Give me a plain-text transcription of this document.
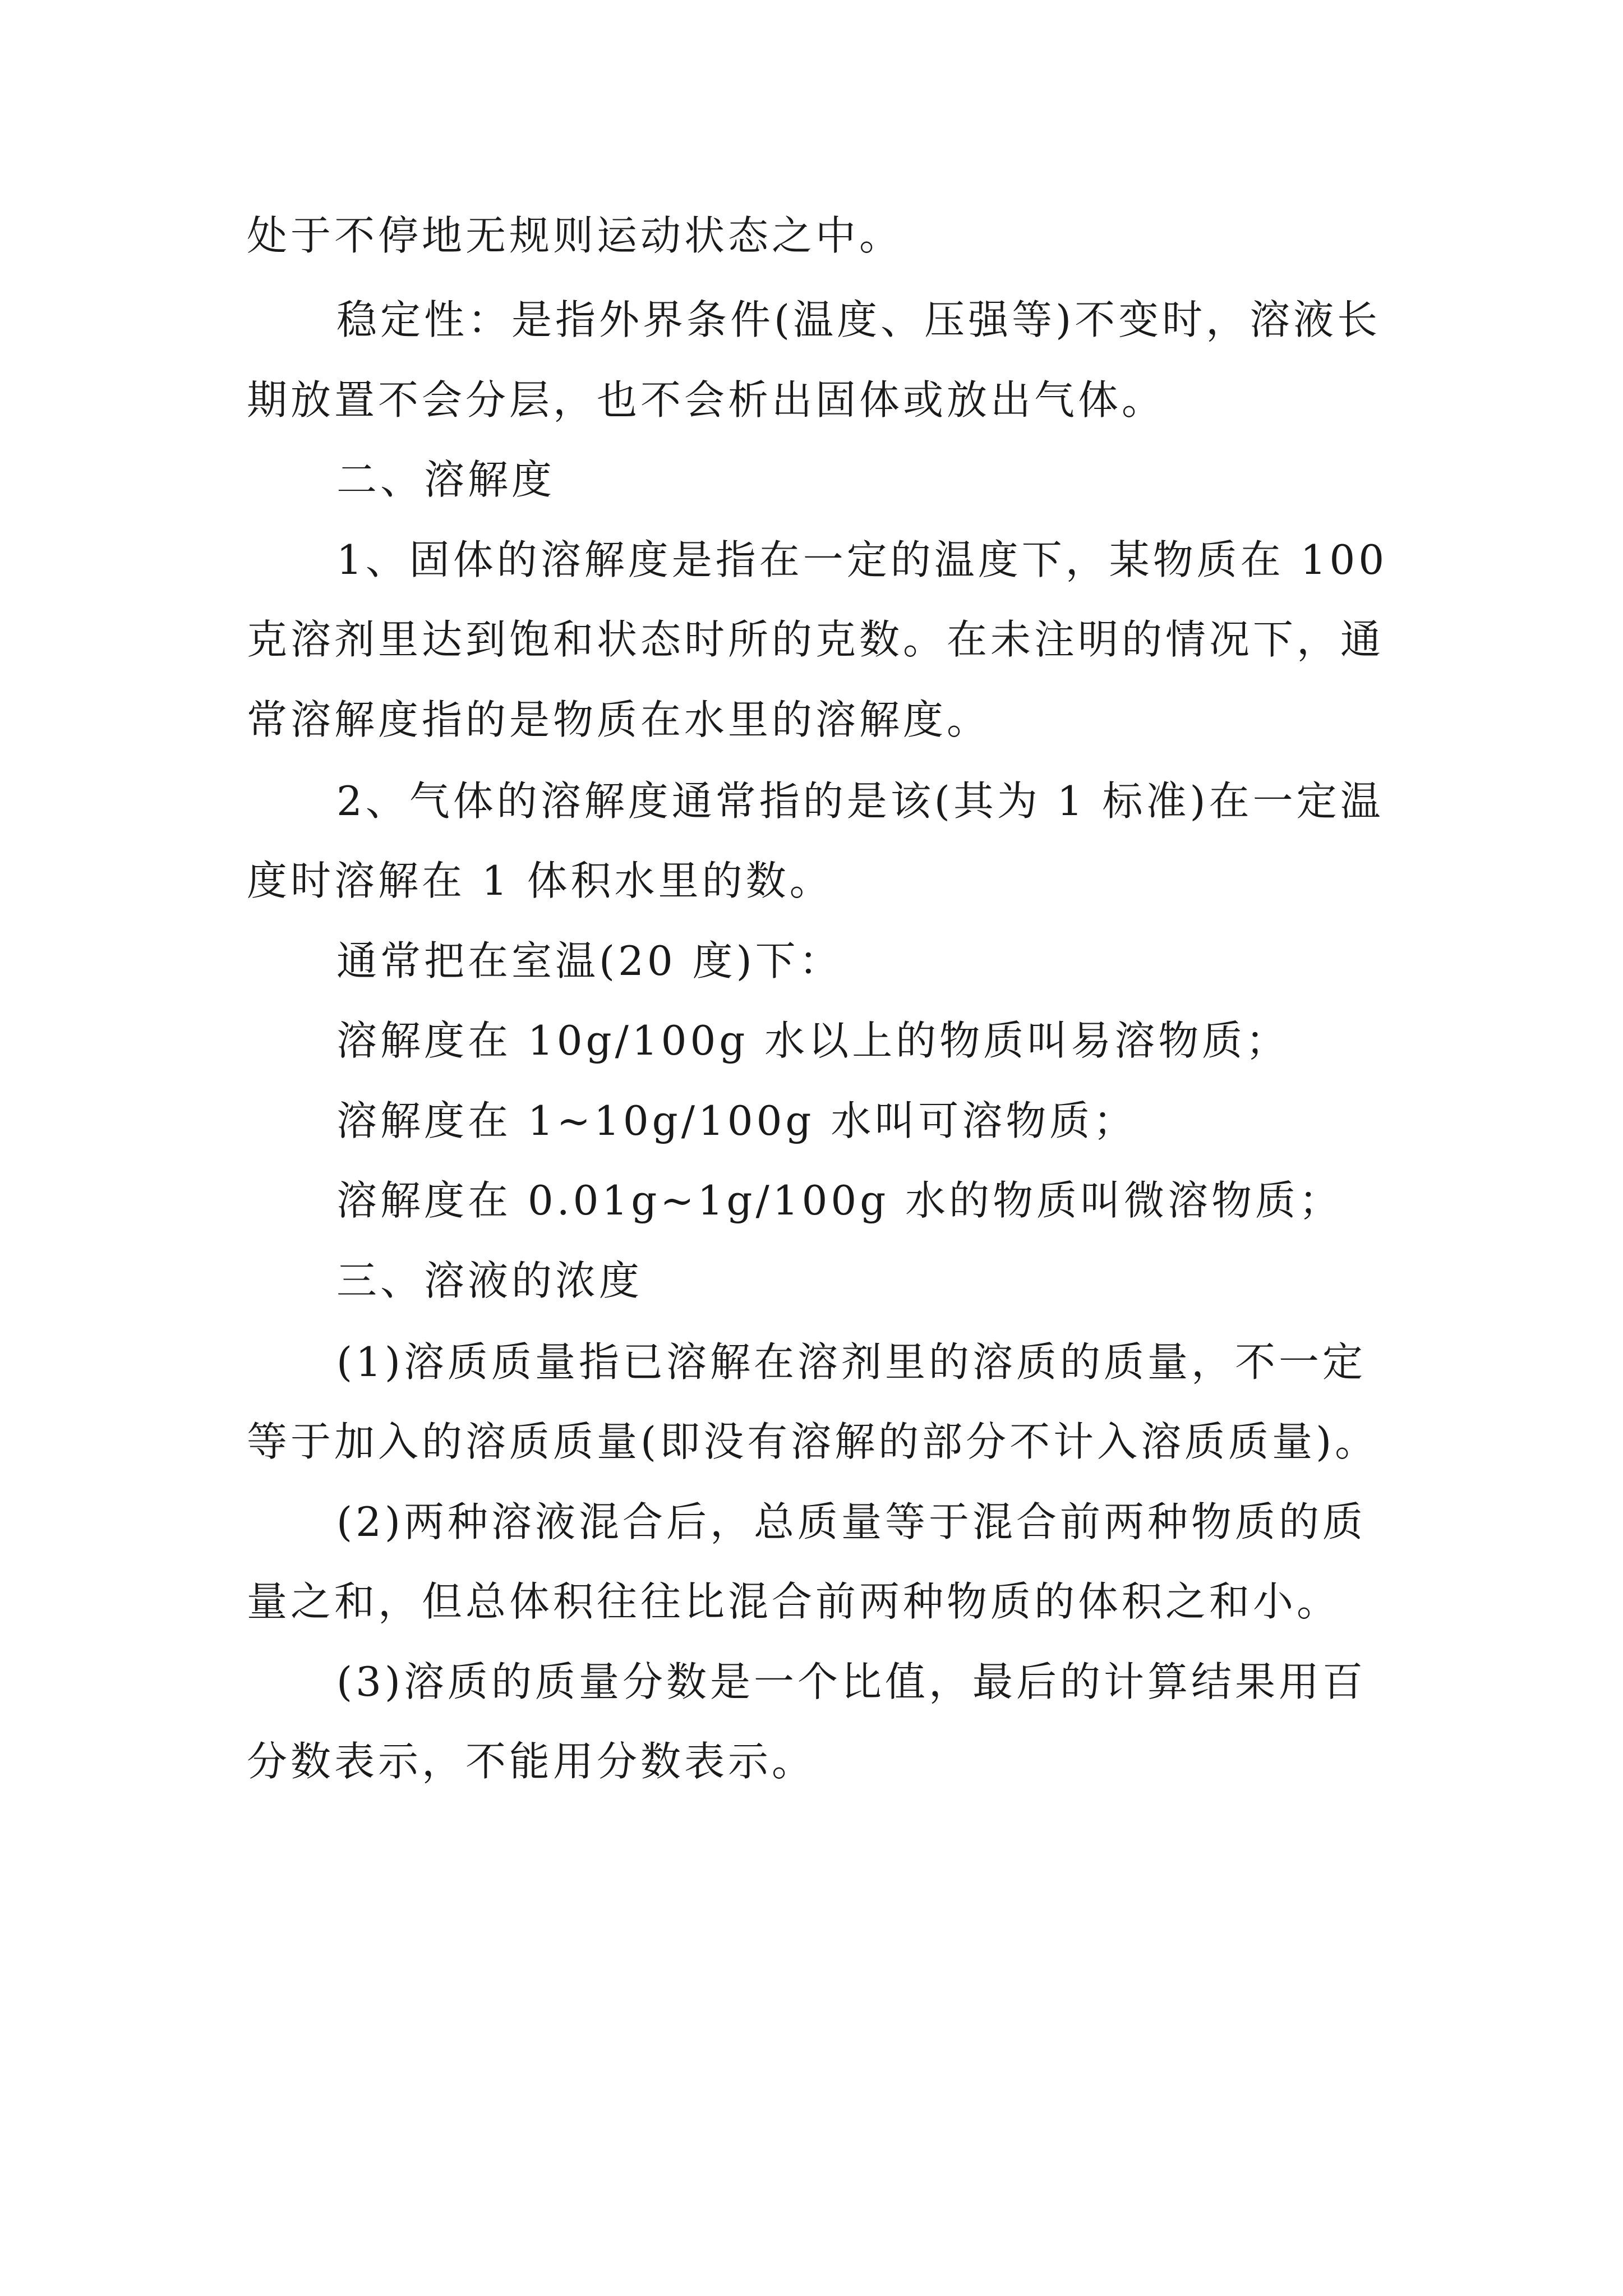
处于不停地无规则运动状态之中。
稳定性：是指外界条件(温度、压强等)不变时，溶液长
期放置不会分层，也不会析出固体或放出气体。
二、溶解度
1、固体的溶解度是指在一定的温度下，某物质在 100
克溶剂里达到饱和状态时所的克数。在未注明的情况下，通
常溶解度指的是物质在水里的溶解度。
2、气体的溶解度通常指的是该(其为 1 标准)在一定温
度时溶解在 1 体积水里的数。
通常把在室温(20 度)下：
溶解度在 10g/100g 水以上的物质叫易溶物质；
溶解度在 1~10g/100g 水叫可溶物质；
溶解度在 0.01g~1g/100g 水的物质叫微溶物质；
三、溶液的浓度
(1)溶质质量指已溶解在溶剂里的溶质的质量，不一定
等于加入的溶质质量(即没有溶解的部分不计入溶质质量)。
(2)两种溶液混合后，总质量等于混合前两种物质的质
量之和，但总体积往往比混合前两种物质的体积之和小。
(3)溶质的质量分数是一个比值，最后的计算结果用百
分数表示，不能用分数表示。
